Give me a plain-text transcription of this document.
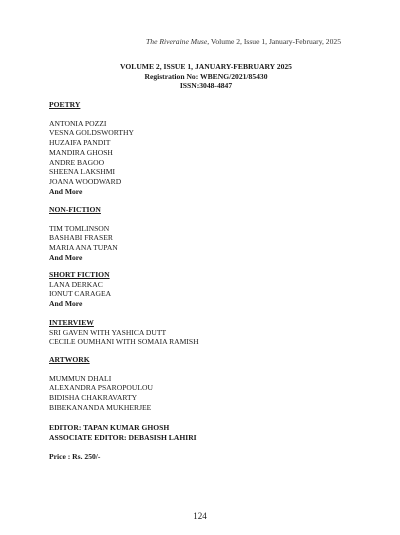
The Riveraine Muse, Volume 2, Issue 1, January-February, 2025
VOLUME 2, ISSUE 1, JANUARY-FEBRUARY 2025
Registration No: WBENG/2021/85430
ISSN:3048-4847
POETRY
ANTONIA POZZI
VESNA GOLDSWORTHY
HUZAIFA PANDIT
MANDIRA GHOSH
ANDRE BAGOO
SHEENA LAKSHMI
JOANA WOODWARD
And More
NON-FICTION
TIM TOMLINSON
BASHABI FRASER
MARIA ANA TUPAN
And More
SHORT FICTION
LANA DERKAC
IONUT CARAGEA
And More
INTERVIEW
SRI GAVEN WITH YASHICA DUTT
CECILE OUMHANI WITH SOMAIA RAMISH
ARTWORK
MUMMUN DHALI
ALEXANDRA PSAROPOULOU
BIDISHA CHAKRAVARTY
BIBEKANANDA MUKHERJEE
EDITOR: TAPAN KUMAR GHOSH
ASSOCIATE EDITOR: DEBASISH LAHIRI
Price : Rs. 250/-
124
